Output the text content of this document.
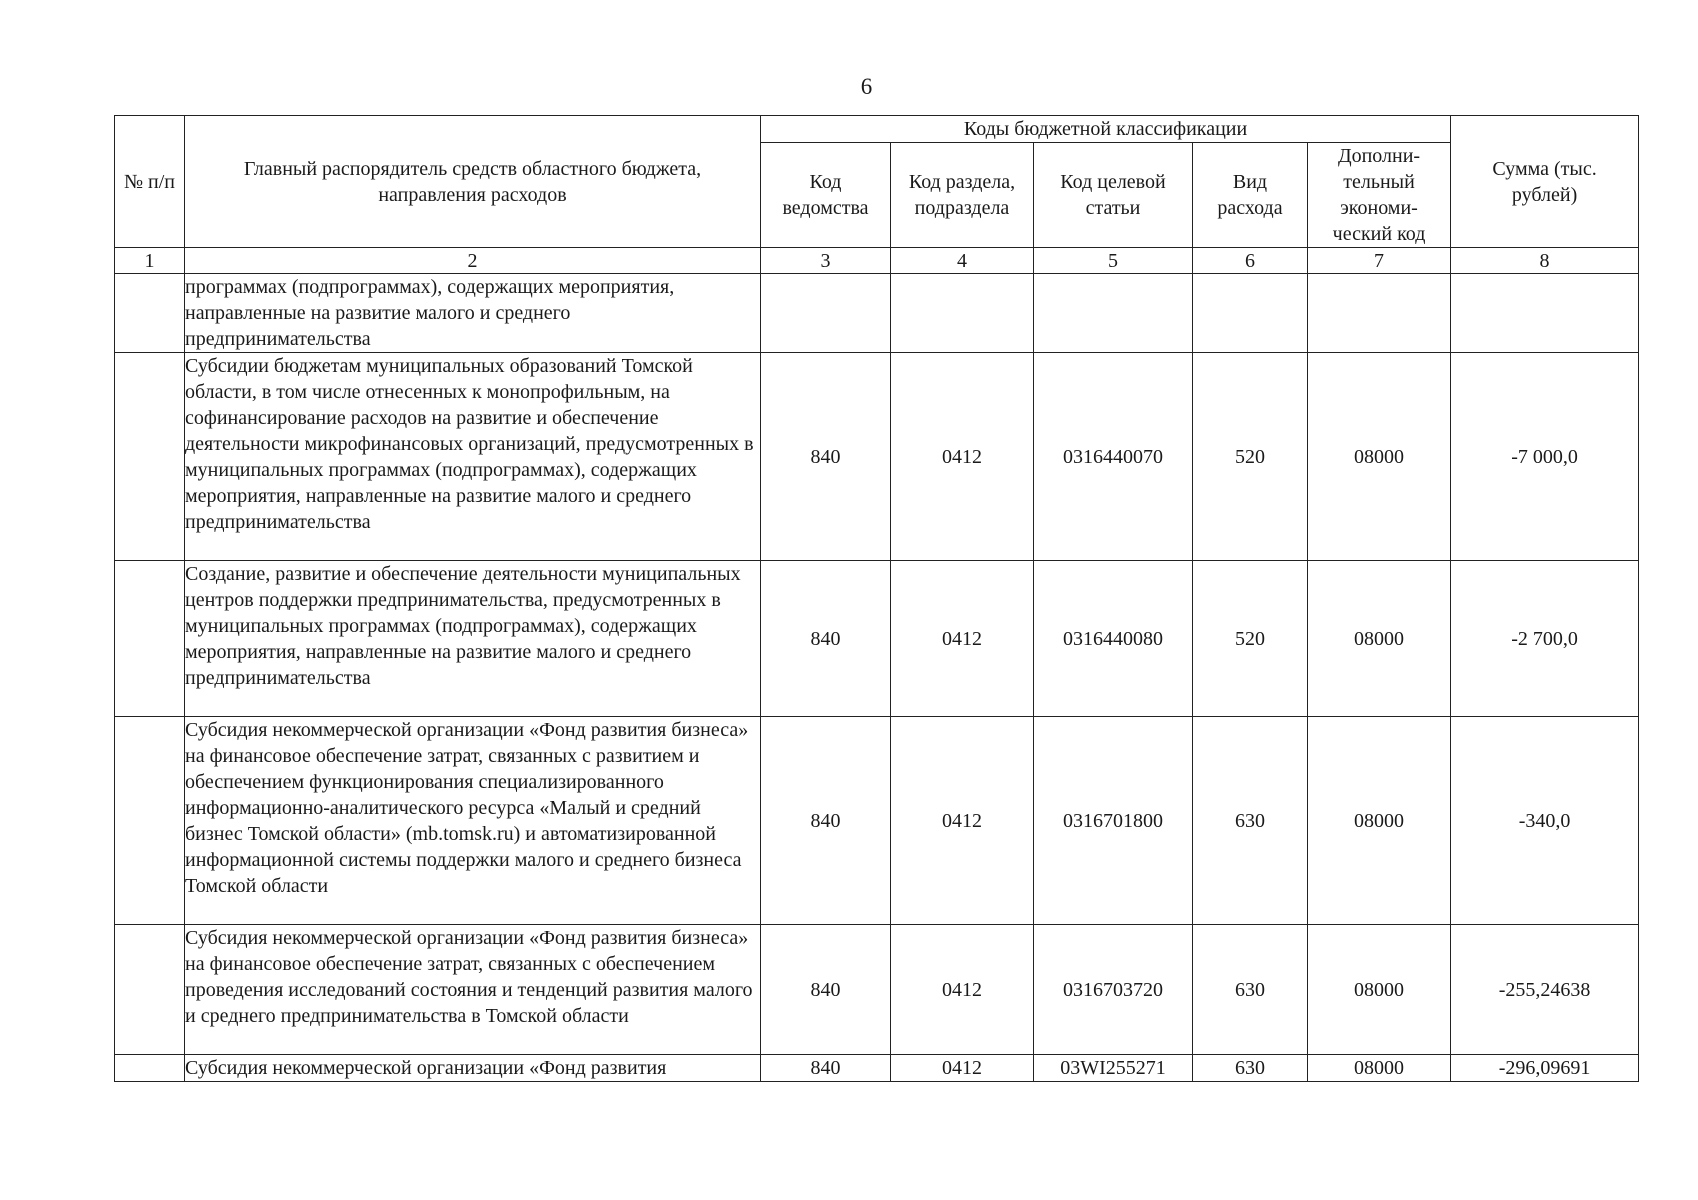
6
№ п/п	Главный распорядитель средств областного бюджета, направления расходов	Коды бюджетной классификации					Сумма (тыс. рублей)
		Код ведомства	Код раздела, подраздела	Код целевой статьи	Вид расхода	Дополни-тельный экономи-ческий код	
1	2	3	4	5	6	7	8
	программах (подпрограммах), содержащих мероприятия, направленные на развитие малого и среднего предпринимательства						
	Субсидии бюджетам муниципальных образований Томской области, в том числе отнесенных к монопрофильным, на софинансирование расходов на развитие и обеспечение деятельности микрофинансовых организаций, предусмотренных в муниципальных программах (подпрограммах), содержащих мероприятия, направленные на развитие малого и среднего предпринимательства	840	0412	0316440070	520	08000	-7 000,0
	Создание, развитие и обеспечение деятельности муниципальных центров поддержки предпринимательства, предусмотренных в муниципальных программах (подпрограммах), содержащих мероприятия, направленные на развитие малого и среднего предпринимательства	840	0412	0316440080	520	08000	-2 700,0
	Субсидия некоммерческой организации «Фонд развития бизнеса» на финансовое обеспечение затрат, связанных с развитием и обеспечением функционирования специализированного информационно-аналитического ресурса «Малый и средний бизнес Томской области» (mb.tomsk.ru) и автоматизированной информационной системы поддержки малого и среднего бизнеса Томской области	840	0412	0316701800	630	08000	-340,0
	Субсидия некоммерческой организации «Фонд развития бизнеса» на финансовое обеспечение затрат, связанных с обеспечением проведения исследований состояния и тенденций развития малого и среднего предпринимательства в Томской области	840	0412	0316703720	630	08000	-255,24638
	Субсидия некоммерческой организации «Фонд развития	840	0412	03WI255271	630	08000	-296,09691
